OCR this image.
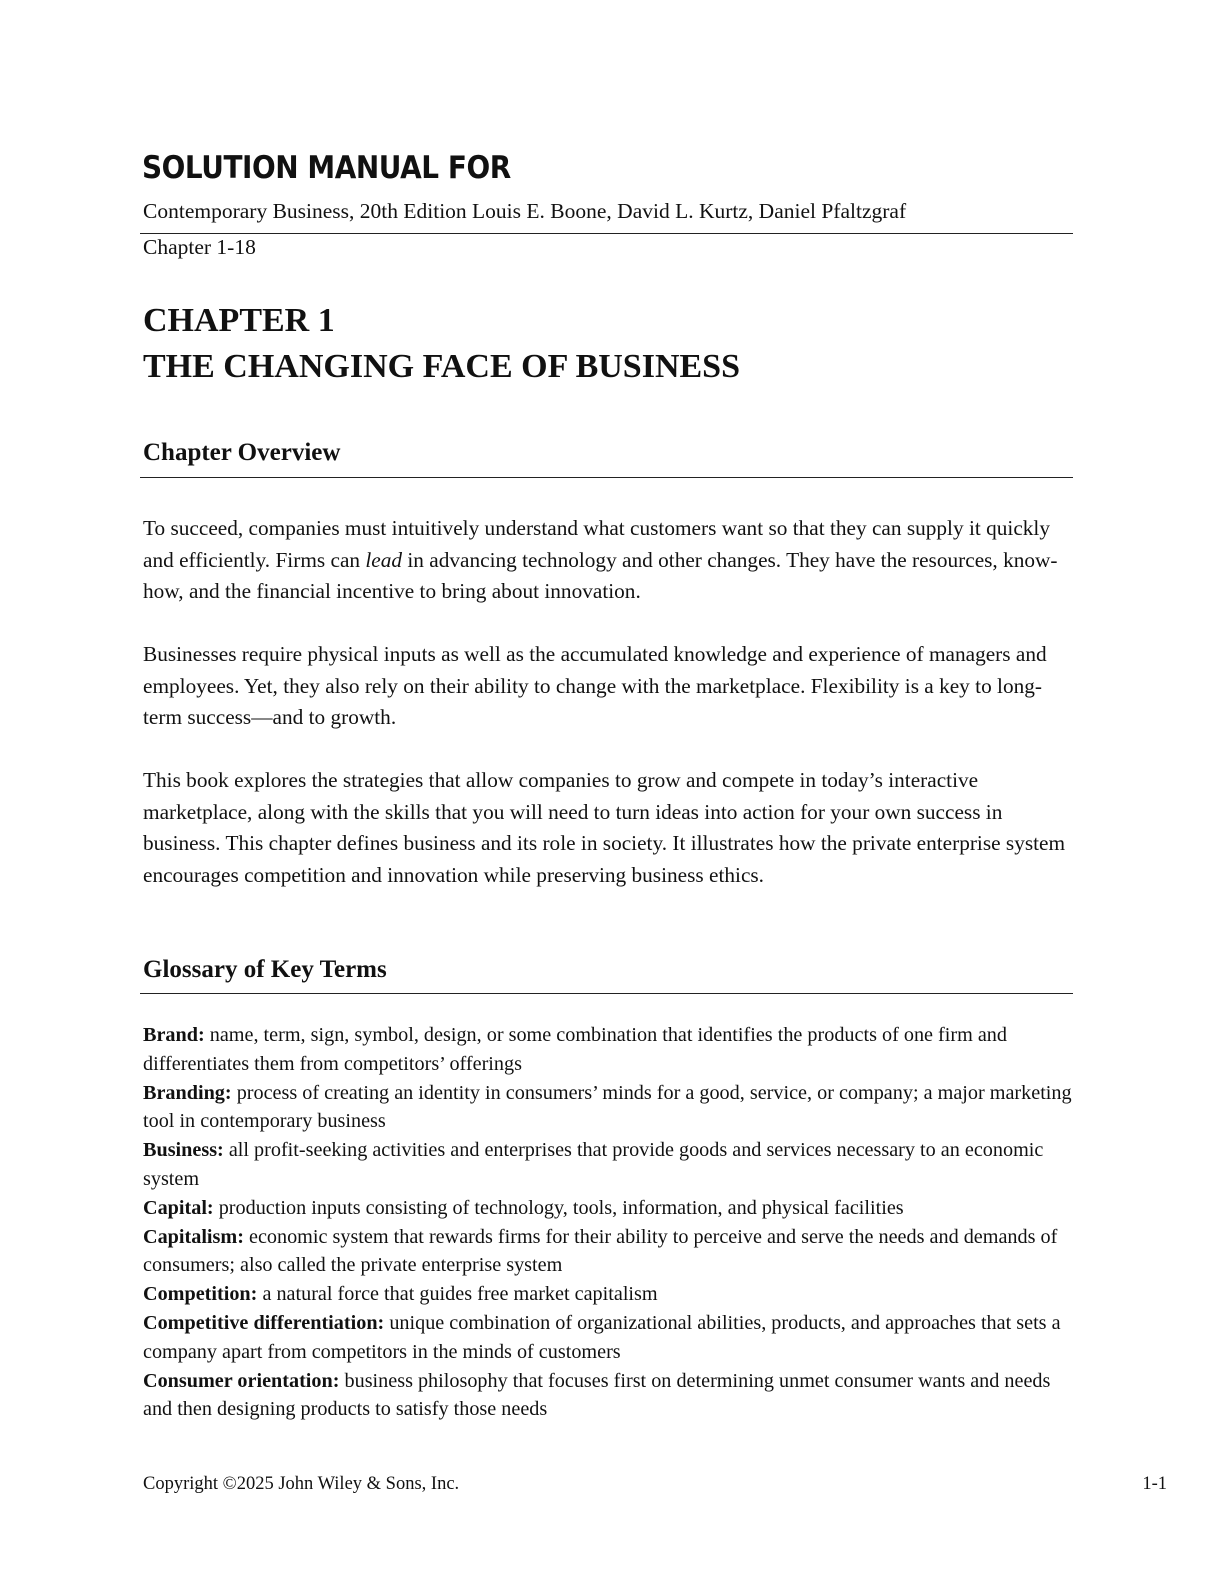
SOLUTION MANUAL FOR
Contemporary Business, 20th Edition Louis E. Boone, David L. Kurtz, Daniel Pfaltzgraf
Chapter 1-18
CHAPTER 1
THE CHANGING FACE OF BUSINESS
Chapter Overview
To succeed, companies must intuitively understand what customers want so that they can supply it quickly and efficiently. Firms can lead in advancing technology and other changes. They have the resources, know-how, and the financial incentive to bring about innovation.
Businesses require physical inputs as well as the accumulated knowledge and experience of managers and employees. Yet, they also rely on their ability to change with the marketplace. Flexibility is a key to long-term success—and to growth.
This book explores the strategies that allow companies to grow and compete in today’s interactive marketplace, along with the skills that you will need to turn ideas into action for your own success in business. This chapter defines business and its role in society. It illustrates how the private enterprise system encourages competition and innovation while preserving business ethics.
Glossary of Key Terms

Brand: name, term, sign, symbol, design, or some combination that identifies the products of one firm and differentiates them from competitors’ offerings

Branding: process of creating an identity in consumers’ minds for a good, service, or company; a major marketing tool in contemporary business

Business: all profit-seeking activities and enterprises that provide goods and services necessary to an economic system

Capital: production inputs consisting of technology, tools, information, and physical facilities

Capitalism: economic system that rewards firms for their ability to perceive and serve the needs and demands of consumers; also called the private enterprise system

Competition: a natural force that guides free market capitalism

Competitive differentiation: unique combination of organizational abilities, products, and approaches that sets a company apart from competitors in the minds of customers

Consumer orientation: business philosophy that focuses first on determining unmet consumer wants and needs and then designing products to satisfy those needs

Copyright ©2025 John Wiley & Sons, Inc.	1-1
